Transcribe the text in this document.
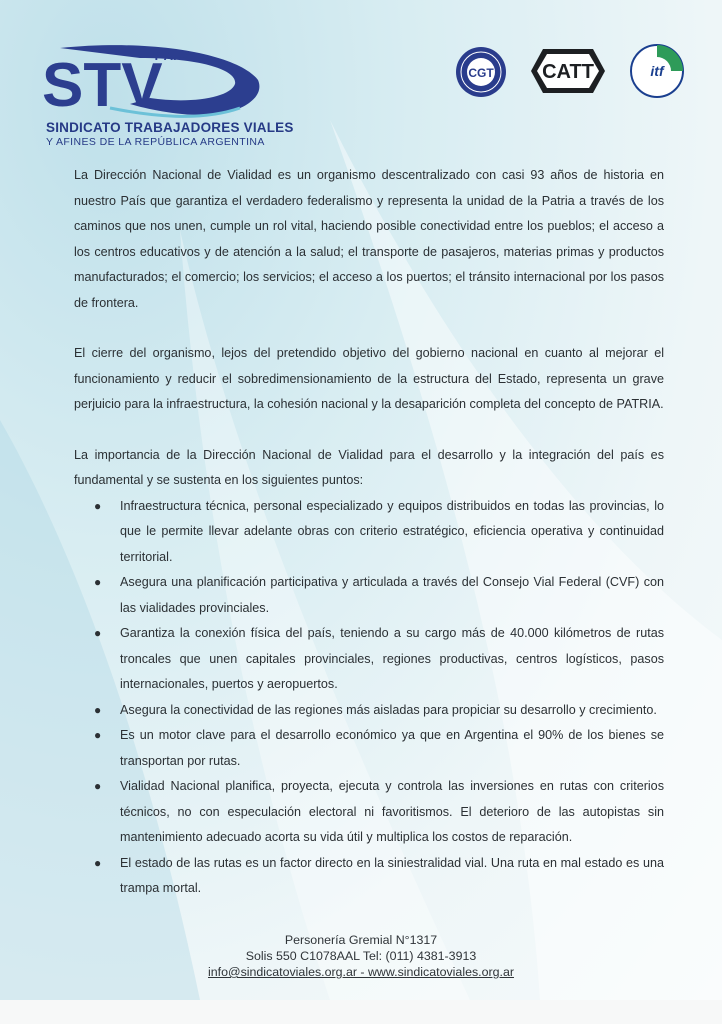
STV
Y ARA
SINDICATO TRABAJADORES VIALES
Y AFINES DE LA REPÚBLICA ARGENTINA
CGT CATT	itf

La Dirección Nacional de Vialidad es un organismo descentralizado con casi 93 años de historia en nuestro País que garantiza el verdadero federalismo y representa la unidad de la Patria a través de los caminos que nos unen, cumple un rol vital, haciendo posible conectividad entre los pueblos; el acceso a los centros educativos y de atención a la salud; el transporte de pasajeros, materias primas y productos manufacturados; el comercio; los servicios; el acceso a los puertos; el tránsito internacional por los pasos de frontera.

El cierre del organismo, lejos del pretendido objetivo del gobierno nacional en cuanto al mejorar el funcionamiento y reducir el sobredimensionamiento de la estructura del Estado, representa un grave perjuicio para la infraestructura, la cohesión nacional y la desaparición completa del concepto de PATRIA.

La importancia de la Dirección Nacional de Vialidad para el desarrollo y la integración del país es fundamental y se sustenta en los siguientes puntos:

● Infraestructura técnica, personal especializado y equipos distribuidos en todas las provincias, lo que le permite llevar adelante obras con criterio estratégico, eficiencia operativa y continuidad territorial.
● Asegura una planificación participativa y articulada a través del Consejo Vial Federal (CVF) con las vialidades provinciales.
● Garantiza la conexión física del país, teniendo a su cargo más de 40.000 kilómetros de rutas troncales que unen capitales provinciales, regiones productivas, centros logísticos, pasos internacionales, puertos y aeropuertos.
● Asegura la conectividad de las regiones más aisladas para propiciar su desarrollo y crecimiento.
● Es un motor clave para el desarrollo económico ya que en Argentina el 90% de los bienes se transportan por rutas.
● Vialidad Nacional planifica, proyecta, ejecuta y controla las inversiones en rutas con criterios técnicos, no con especulación electoral ni favoritismos. El deterioro de las autopistas sin mantenimiento adecuado acorta su vida útil y multiplica los costos de reparación.
● El estado de las rutas es un factor directo en la siniestralidad vial. Una ruta en mal estado es una trampa mortal.
Personería Gremial N°1317
Solis 550 C1078AAL Tel: (011) 4381-3913
info@sindicatoviales.org.ar - www.sindicatoviales.org.ar
